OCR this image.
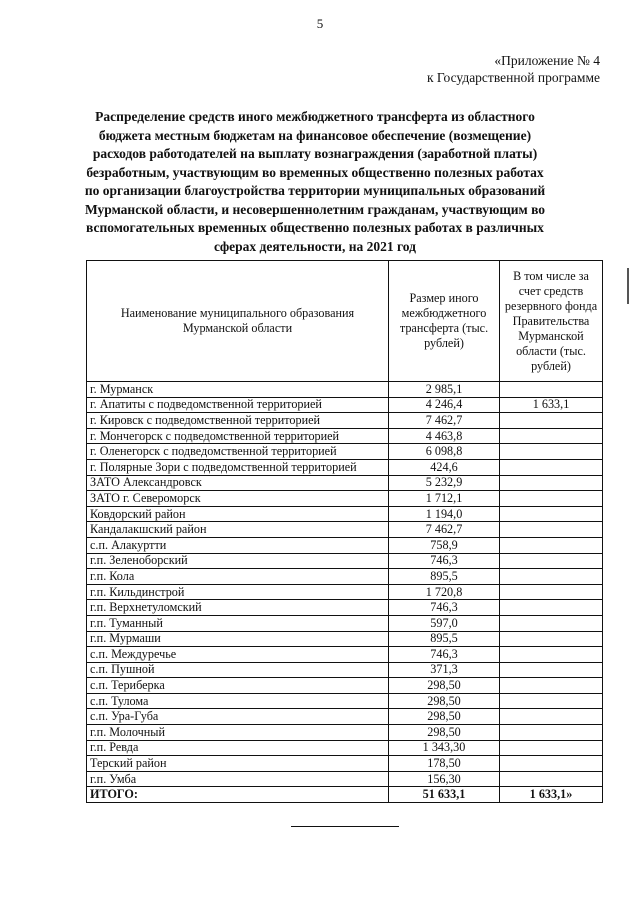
5
«Приложение № 4
к Государственной программе
Распределение средств иного межбюджетного трансферта из областного бюджета местным бюджетам на финансовое обеспечение (возмещение) расходов работодателей на выплату вознаграждения (заработной платы) безработным, участвующим во временных общественно полезных работах по организации благоустройства территории муниципальных образований Мурманской области, и несовершеннолетним гражданам, участвующим во вспомогательных временных общественно полезных работах в различных сферах деятельности, на 2021 год
Наименование муниципального образования Мурманской области	Размер иного межбюджетного трансферта (тыс. рублей)	В том числе за счет средств резервного фонда Правительства Мурманской области (тыс. рублей)
г. Мурманск	2 985,1	
г. Апатиты с подведомственной территорией	4 246,4	1 633,1
г. Кировск с подведомственной территорией	7 462,7	
г. Мончегорск с подведомственной территорией	4 463,8	
г. Оленегорск с подведомственной территорией	6 098,8	
г. Полярные Зори с подведомственной территорией	424,6	
ЗАТО Александровск	5 232,9	
ЗАТО г. Североморск	1 712,1	
Ковдорский район	1 194,0	
Кандалакшский район	7 462,7	
с.п. Алакуртти	758,9	
г.п. Зеленоборский	746,3	
г.п. Кола	895,5	
г.п. Кильдинстрой	1 720,8	
г.п. Верхнетуломский	746,3	
г.п. Туманный	597,0	
г.п. Мурмаши	895,5	
с.п. Междуречье	746,3	
с.п. Пушной	371,3	
с.п. Териберка	298,50	
с.п. Тулома	298,50	
с.п. Ура-Губа	298,50	
г.п. Молочный	298,50	
г.п. Ревда	1 343,30	
Терский район	178,50	
г.п. Умба	156,30	
ИТОГО:	51 633,1	1 633,1»
